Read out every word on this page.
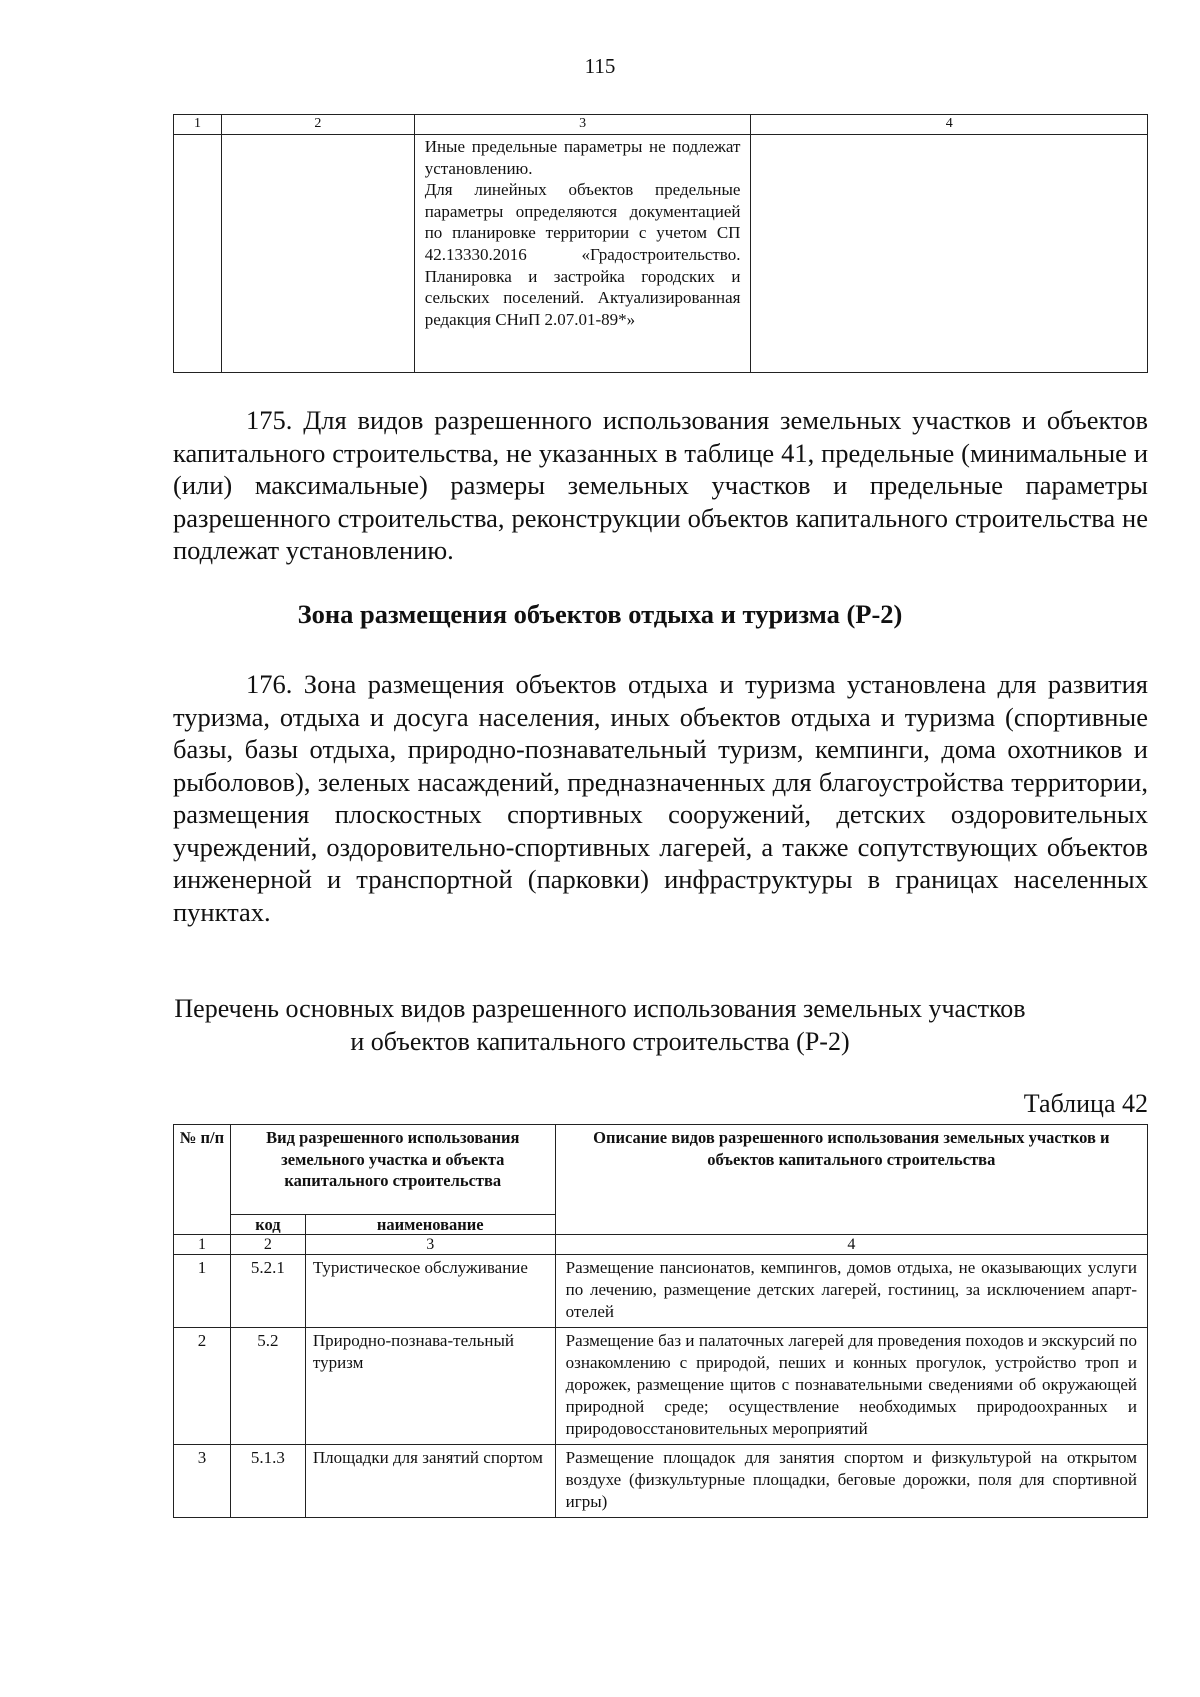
115
1	2	3	4

		Иные предельные параметры не подлежат установлению.
Для линейных объектов предельные параметры определяются документацией по планировке территории с учетом СП 42.13330.2016 «Градостроительство. Планировка и застройка городских и сельских поселений. Актуализированная редакция СНиП 2.07.01-89*»	

175. Для видов разрешенного использования земельных участков и объектов капитального строительства, не указанных в таблице 41, предельные (минимальные и (или) максимальные) размеры земельных участков и предельные параметры разрешенного строительства, реконструкции объектов капитального строительства не подлежат установлению.

Зона размещения объектов отдыха и туризма (Р-2)

176. Зона размещения объектов отдыха и туризма установлена для развития туризма, отдыха и досуга населения, иных объектов отдыха и туризма (спортивные базы, базы отдыха, природно-познавательный туризм, кемпинги, дома охотников и рыболовов), зеленых насаждений, предназначенных для благоустройства территории, размещения плоскостных спортивных сооружений, детских оздоровительных учреждений, оздоровительно-спортивных лагерей, а также сопутствующих объектов инженерной и транспортной (парковки) инфраструктуры в границах населенных пунктах.

Перечень основных видов разрешенного использования земельных участков
и объектов капитального строительства (Р-2)

Таблица 42

№ п/п	Вид разрешенного использования земельного участка и объекта капитального строительства		Описание видов разрешенного использования земельных участков и объектов капитального строительства
	код	наименование	
1	2	3	4
1	5.2.1	Туристическое обслуживание	Размещение пансионатов, кемпингов, домов отдыха, не оказывающих услуги по лечению, размещение детских лагерей, гостиниц, за исключением апарт-отелей
2	5.2	Природно-познава-тельный туризм	Размещение баз и палаточных лагерей для проведения походов и экскурсий по ознакомлению с природой, пеших и конных прогулок, устройство троп и дорожек, размещение щитов с познавательными сведениями об окружающей природной среде; осуществление необходимых природоохранных и природовосстановительных мероприятий
3	5.1.3	Площадки для занятий спортом	Размещение площадок для занятия спортом и физкультурой на открытом воздухе (физкультурные площадки, беговые дорожки, поля для спортивной игры)
